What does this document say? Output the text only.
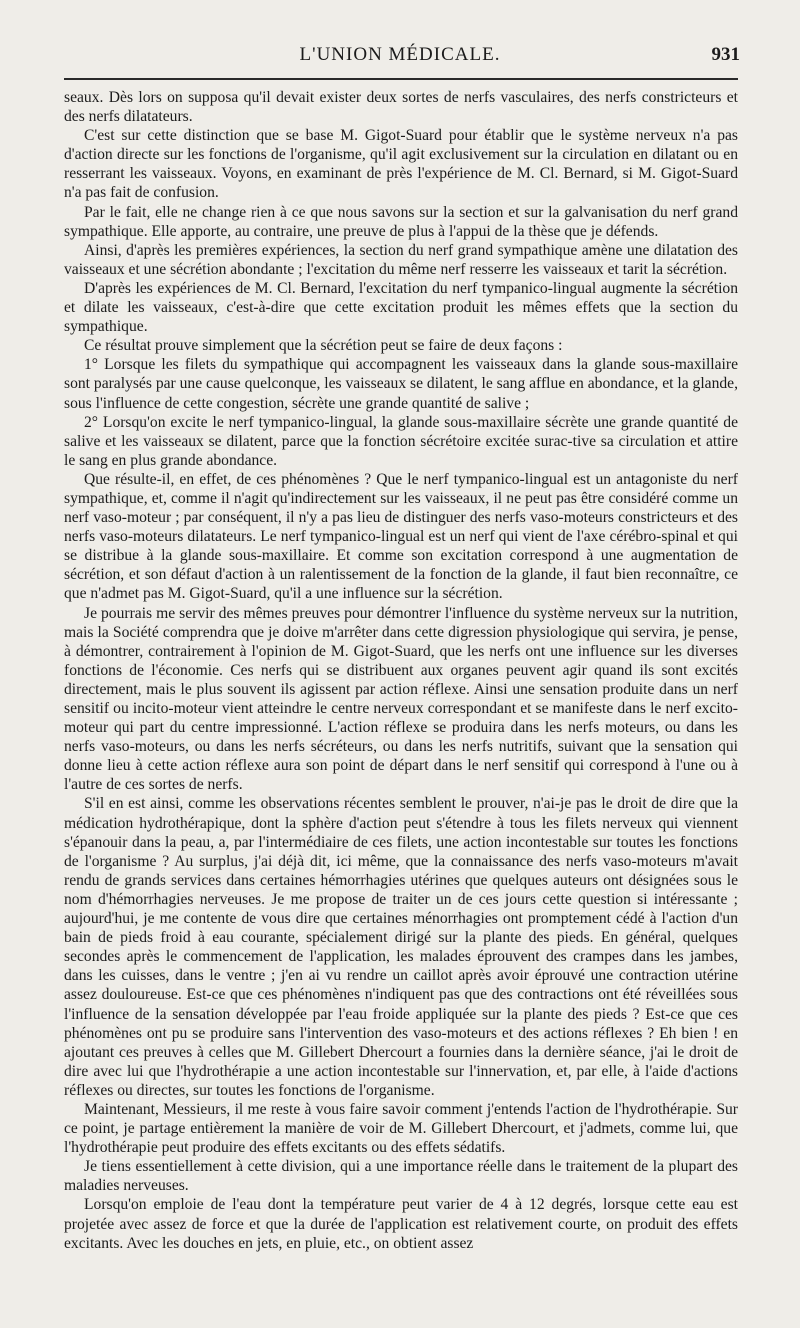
L'UNION MÉDICALE.	931

seaux. Dès lors on supposa qu'il devait exister deux sortes de nerfs vasculaires, des nerfs constricteurs et des nerfs dilatateurs.

C'est sur cette distinction que se base M. Gigot-Suard pour établir que le système nerveux n'a pas d'action directe sur les fonctions de l'organisme, qu'il agit exclusivement sur la circulation en dilatant ou en resserrant les vaisseaux. Voyons, en examinant de près l'expérience de M. Cl. Bernard, si M. Gigot-Suard n'a pas fait de confusion.

Par le fait, elle ne change rien à ce que nous savons sur la section et sur la galvanisation du nerf grand sympathique. Elle apporte, au contraire, une preuve de plus à l'appui de la thèse que je défends.

Ainsi, d'après les premières expériences, la section du nerf grand sympathique amène une dilatation des vaisseaux et une sécrétion abondante ; l'excitation du même nerf resserre les vaisseaux et tarit la sécrétion.

D'après les expériences de M. Cl. Bernard, l'excitation du nerf tympanico-lingual augmente la sécrétion et dilate les vaisseaux, c'est-à-dire que cette excitation produit les mêmes effets que la section du sympathique.

Ce résultat prouve simplement que la sécrétion peut se faire de deux façons :

1° Lorsque les filets du sympathique qui accompagnent les vaisseaux dans la glande sous-maxillaire sont paralysés par une cause quelconque, les vaisseaux se dilatent, le sang afflue en abondance, et la glande, sous l'influence de cette congestion, sécrète une grande quantité de salive ;

2° Lorsqu'on excite le nerf tympanico-lingual, la glande sous-maxillaire sécrète une grande quantité de salive et les vaisseaux se dilatent, parce que la fonction sécrétoire excitée surac-tive sa circulation et attire le sang en plus grande abondance.

Que résulte-il, en effet, de ces phénomènes ? Que le nerf tympanico-lingual est un antagoniste du nerf sympathique, et, comme il n'agit qu'indirectement sur les vaisseaux, il ne peut pas être considéré comme un nerf vaso-moteur ; par conséquent, il n'y a pas lieu de distinguer des nerfs vaso-moteurs constricteurs et des nerfs vaso-moteurs dilatateurs. Le nerf tympanico-lingual est un nerf qui vient de l'axe cérébro-spinal et qui se distribue à la glande sous-maxillaire. Et comme son excitation correspond à une augmentation de sécrétion, et son défaut d'action à un ralentissement de la fonction de la glande, il faut bien reconnaître, ce que n'admet pas M. Gigot-Suard, qu'il a une influence sur la sécrétion.

Je pourrais me servir des mêmes preuves pour démontrer l'influence du système nerveux sur la nutrition, mais la Société comprendra que je doive m'arrêter dans cette digression physiologique qui servira, je pense, à démontrer, contrairement à l'opinion de M. Gigot-Suard, que les nerfs ont une influence sur les diverses fonctions de l'économie. Ces nerfs qui se distribuent aux organes peuvent agir quand ils sont excités directement, mais le plus souvent ils agissent par action réflexe. Ainsi une sensation produite dans un nerf sensitif ou incito-moteur vient atteindre le centre nerveux correspondant et se manifeste dans le nerf excito-moteur qui part du centre impressionné. L'action réflexe se produira dans les nerfs moteurs, ou dans les nerfs vaso-moteurs, ou dans les nerfs sécréteurs, ou dans les nerfs nutritifs, suivant que la sensation qui donne lieu à cette action réflexe aura son point de départ dans le nerf sensitif qui correspond à l'une ou à l'autre de ces sortes de nerfs.

S'il en est ainsi, comme les observations récentes semblent le prouver, n'ai-je pas le droit de dire que la médication hydrothérapique, dont la sphère d'action peut s'étendre à tous les filets nerveux qui viennent s'épanouir dans la peau, a, par l'intermédiaire de ces filets, une action incontestable sur toutes les fonctions de l'organisme ? Au surplus, j'ai déjà dit, ici même, que la connaissance des nerfs vaso-moteurs m'avait rendu de grands services dans certaines hémorrhagies utérines que quelques auteurs ont désignées sous le nom d'hémorrhagies nerveuses. Je me propose de traiter un de ces jours cette question si intéressante ; aujourd'hui, je me contente de vous dire que certaines ménorrhagies ont promptement cédé à l'action d'un bain de pieds froid à eau courante, spécialement dirigé sur la plante des pieds. En général, quelques secondes après le commencement de l'application, les malades éprouvent des crampes dans les jambes, dans les cuisses, dans le ventre ; j'en ai vu rendre un caillot après avoir éprouvé une contraction utérine assez douloureuse. Est-ce que ces phénomènes n'indiquent pas que des contractions ont été réveillées sous l'influence de la sensation développée par l'eau froide appliquée sur la plante des pieds ? Est-ce que ces phénomènes ont pu se produire sans l'intervention des vaso-moteurs et des actions réflexes ? Eh bien ! en ajoutant ces preuves à celles que M. Gillebert Dhercourt a fournies dans la dernière séance, j'ai le droit de dire avec lui que l'hydrothérapie a une action incontestable sur l'innervation, et, par elle, à l'aide d'actions réflexes ou directes, sur toutes les fonctions de l'organisme.

Maintenant, Messieurs, il me reste à vous faire savoir comment j'entends l'action de l'hydrothérapie. Sur ce point, je partage entièrement la manière de voir de M. Gillebert Dhercourt, et j'admets, comme lui, que l'hydrothérapie peut produire des effets excitants ou des effets sédatifs.

Je tiens essentiellement à cette division, qui a une importance réelle dans le traitement de la plupart des maladies nerveuses.

Lorsqu'on emploie de l'eau dont la température peut varier de 4 à 12 degrés, lorsque cette eau est projetée avec assez de force et que la durée de l'application est relativement courte, on produit des effets excitants. Avec les douches en jets, en pluie, etc., on obtient assez
